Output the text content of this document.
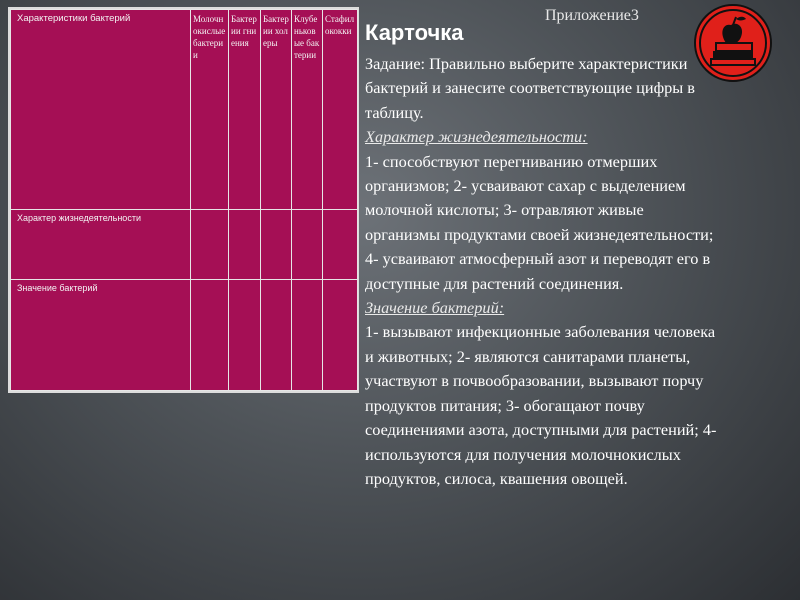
Характеристики бактерий	Молочнокислые бактерии	Бактерии гниения	Бактерии холеры	Клубеньковые бактерии	Стафилококки
Характер жизнедеятельности					
Значение бактерий					
Приложение3
Карточка

Задание: Правильно выберите характеристики бактерий и занесите соответствующие цифры в таблицу.

Характер жизнедеятельности:

1- способствуют перегниванию отмерших организмов; 2- усваивают сахар с выделением молочной кислоты; 3- отравляют живые организмы продуктами своей жизнедеятельности; 4- усваивают атмосферный азот и переводят его в доступные для растений соединения.

Значение бактерий:

1- вызывают инфекционные заболевания человека и животных; 2- являются санитарами планеты, участвуют в почвообразовании, вызывают порчу продуктов питания; 3- обогащают почву соединениями азота, доступными для растений; 4- используются для получения молочнокислых продуктов, силоса, квашения овощей.
